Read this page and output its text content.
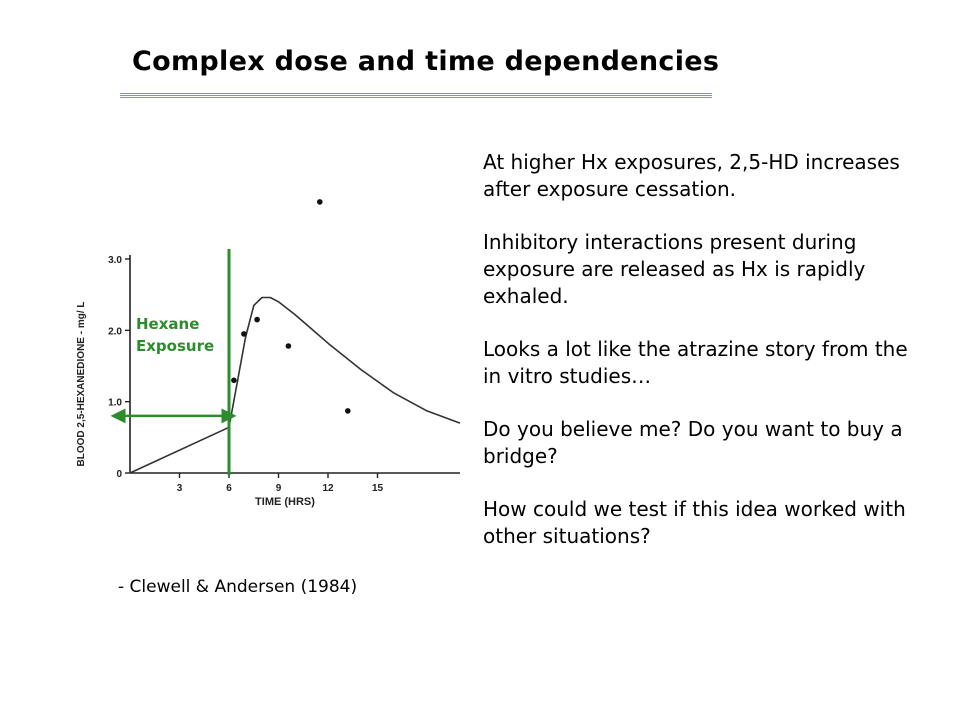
Complex dose and time dependencies
0
1.0
2.0
3.0
3	6	9	12	15
TIME (HRS)
BLOOD 2,5-HEXANEDIONE - mg/ L	Hexane
Exposure

- Clewell & Andersen (1984)

At higher Hx exposures, 2,5-HD increases after exposure cessation.

Inhibitory interactions present during exposure are released as Hx is rapidly exhaled.

Looks a lot like the atrazine story from the in vitro studies…

Do you believe me? Do you want to buy a bridge?

How could we test if this idea worked with other situations?
